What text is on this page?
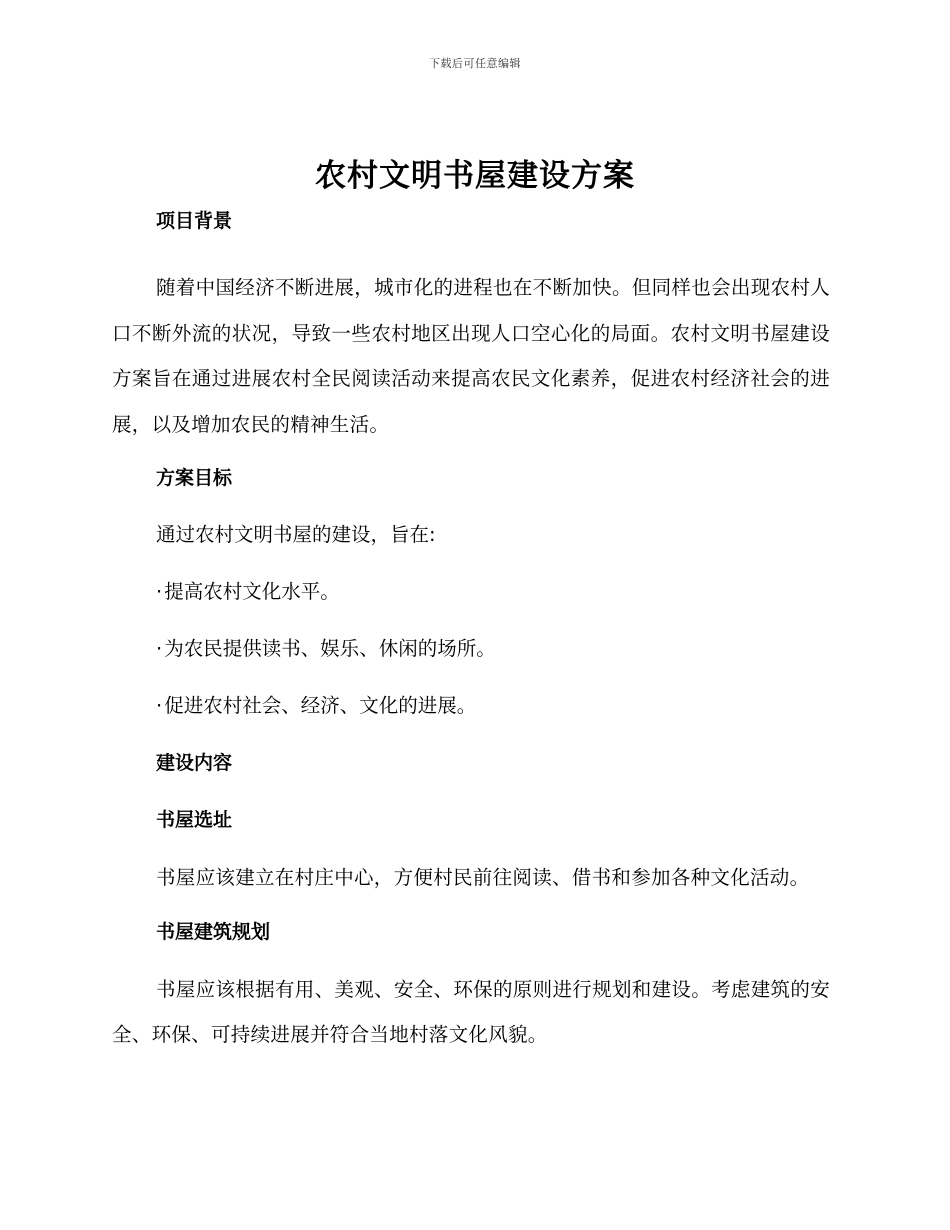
下载后可任意编辑
农村文明书屋建设方案
项目背景
随着中国经济不断进展，城市化的进程也在不断加快。但同样也会出现农村人口不断外流的状况，导致一些农村地区出现人口空心化的局面。农村文明书屋建设方案旨在通过进展农村全民阅读活动来提高农民文化素养，促进农村经济社会的进展，以及增加农民的精神生活。
方案目标
通过农村文明书屋的建设，旨在:
· 提高农村文化水平。
· 为农民提供读书、娱乐、休闲的场所。
· 促进农村社会、经济、文化的进展。
建设内容
书屋选址
书屋应该建立在村庄中心，方便村民前往阅读、借书和参加各种文化活动。
书屋建筑规划
书屋应该根据有用、美观、安全、环保的原则进行规划和建设。考虑建筑的安全、环保、可持续进展并符合当地村落文化风貌。
